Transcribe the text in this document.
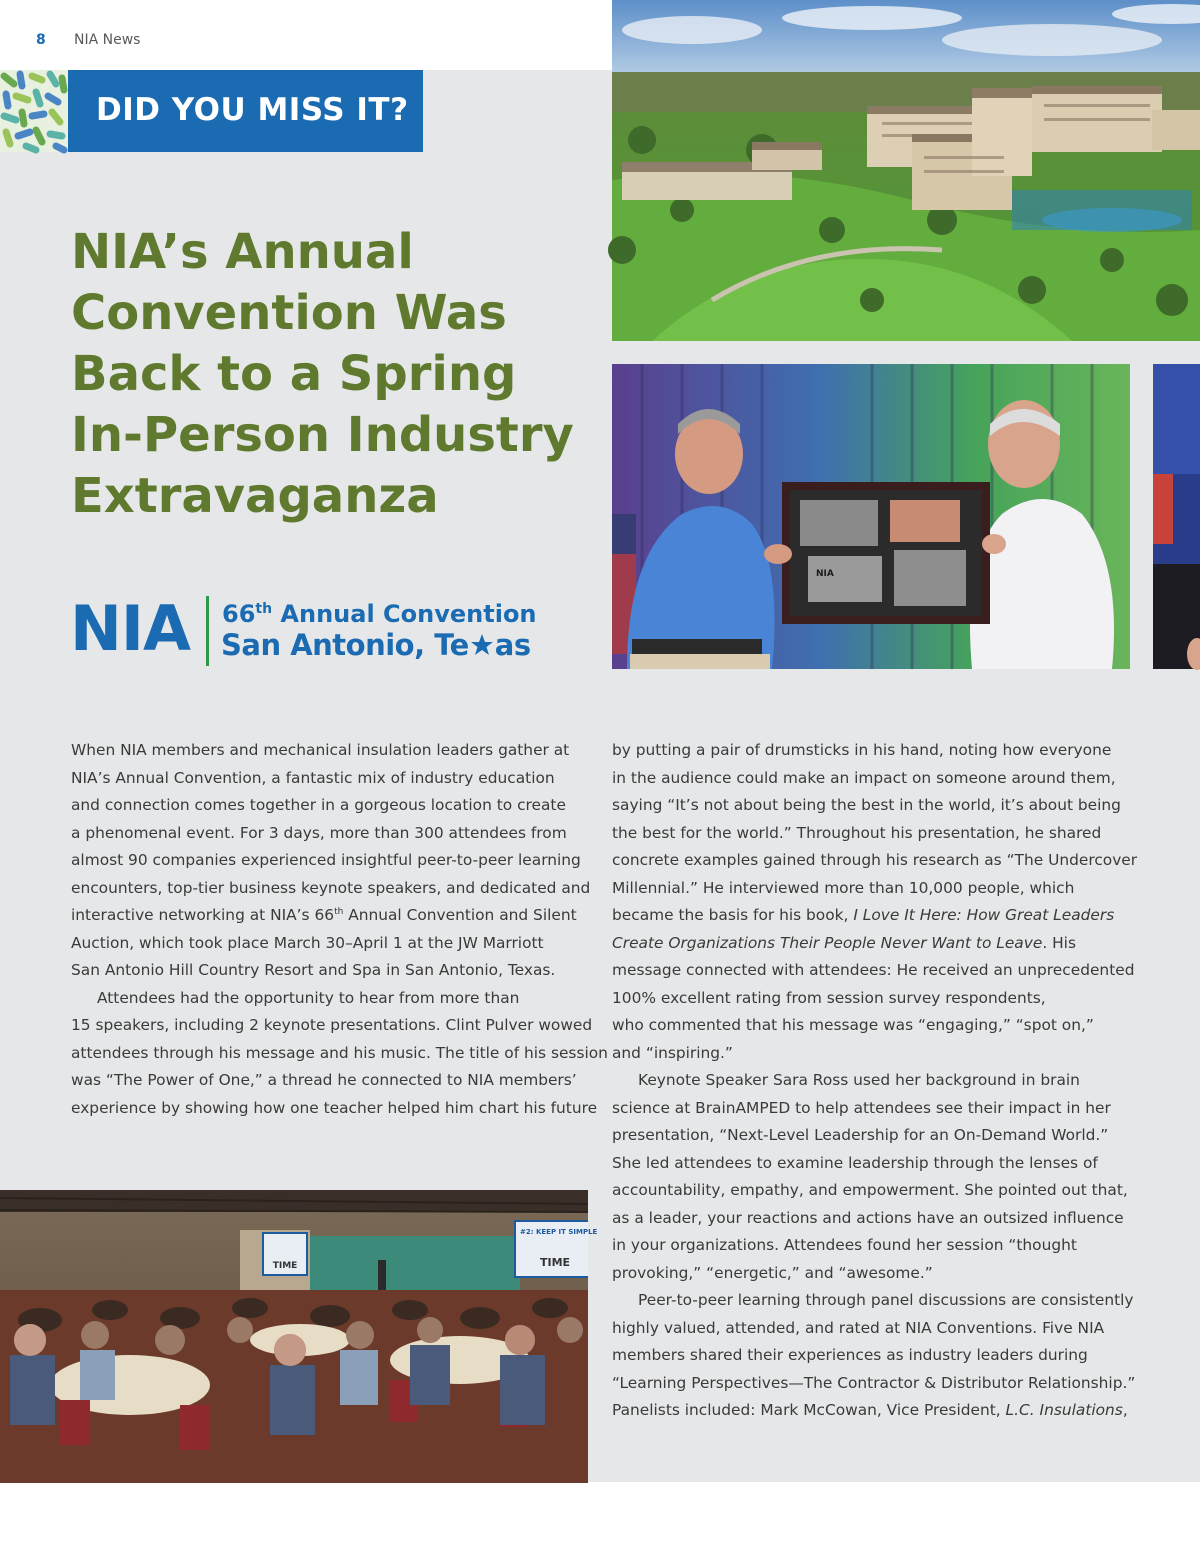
8 NIA News
DID YOU MISS IT?
NIA’s Annual Convention Was Back to a Spring In-Person Industry Extravaganza
NIA 66th Annual Convention
San Antonio, Te as

When NIA members and mechanical insulation leaders gather at

NIA’s Annual Convention, a fantastic mix of industry education

and connection comes together in a gorgeous location to create

a phenomenal event. For 3 days, more than 300 attendees from

almost 90 companies experienced insightful peer-to-peer learning

encounters, top-tier business keynote speakers, and dedicated and

interactive networking at NIA’s 66th Annual Convention and Silent

Auction, which took place March 30–April 1 at the JW Marriott

San Antonio Hill Country Resort and Spa in San Antonio, Texas.

Attendees had the opportunity to hear from more than

15 speakers, including 2 keynote presentations. Clint Pulver wowed

attendees through his message and his music. The title of his session

was “The Power of One,” a thread he connected to NIA members’

experience by showing how one teacher helped him chart his future

by putting a pair of drumsticks in his hand, noting how everyone

in the audience could make an impact on someone around them,

saying “It’s not about being the best in the world, it’s about being

the best for the world.” Throughout his presentation, he shared

concrete examples gained through his research as “The Undercover

Millennial.” He interviewed more than 10,000 people, which

became the basis for his book, I Love It Here: How Great Leaders

Create Organizations Their People Never Want to Leave. His

message connected with attendees: He received an unprecedented

100% excellent rating from session survey respondents,

who commented that his message was “engaging,” “spot on,”

and “inspiring.”

Keynote Speaker Sara Ross used her background in brain

science at BrainAMPED to help attendees see their impact in her

presentation, “Next-Level Leadership for an On-Demand World.”

She led attendees to examine leadership through the lenses of

accountability, empathy, and empowerment. She pointed out that,

as a leader, your reactions and actions have an outsized influence

in your organizations. Attendees found her session “thought

provoking,” “energetic,” and “awesome.”

Peer-to-peer learning through panel discussions are consistently

highly valued, attended, and rated at NIA Conventions. Five NIA

members shared their experiences as industry leaders during

“Learning Perspectives—The Contractor & Distributor Relationship.”

Panelists included: Mark McCowan, Vice President, L.C. Insulations,

NIA
TIME
#2: KEEP IT SIMPLE
TIME
